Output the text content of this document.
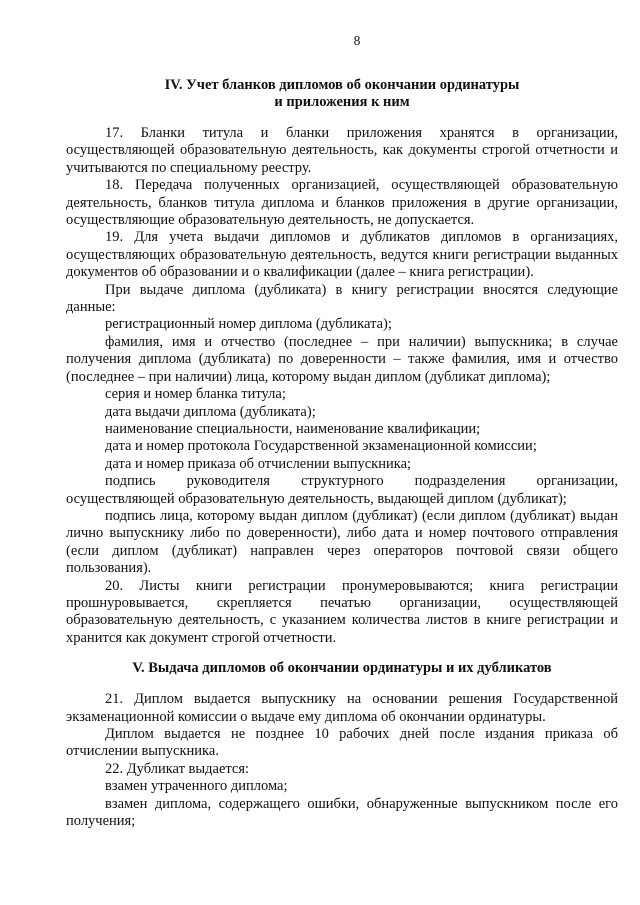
8

IV. Учет бланков дипломов об окончании ординатуры

и приложения к ним

17. Бланки титула и бланки приложения хранятся в организации, осуществляющей образовательную деятельность, как документы строгой отчетности и учитываются по специальному реестру.

18. Передача полученных организацией, осуществляющей образовательную деятельность, бланков титула диплома и бланков приложения в другие организации, осуществляющие образовательную деятельность, не допускается.

19. Для учета выдачи дипломов и дубликатов дипломов в организациях, осуществляющих образовательную деятельность, ведутся книги регистрации выданных документов об образовании и о квалификации (далее – книга регистрации).

При выдаче диплома (дубликата) в книгу регистрации вносятся следующие данные:

регистрационный номер диплома (дубликата);

фамилия, имя и отчество (последнее – при наличии) выпускника; в случае получения диплома (дубликата) по доверенности – также фамилия, имя и отчество (последнее – при наличии) лица, которому выдан диплом (дубликат диплома);

серия и номер бланка титула;

дата выдачи диплома (дубликата);

наименование специальности, наименование квалификации;

дата и номер протокола Государственной экзаменационной комиссии;

дата и номер приказа об отчислении выпускника;

подпись руководителя структурного подразделения организации, осуществляющей образовательную деятельность, выдающей диплом (дубликат);

подпись лица, которому выдан диплом (дубликат) (если диплом (дубликат) выдан лично выпускнику либо по доверенности), либо дата и номер почтового отправления (если диплом (дубликат) направлен через операторов почтовой связи общего пользования).

20. Листы книги регистрации пронумеровываются; книга регистрации прошнуровывается, скрепляется печатью организации, осуществляющей образовательную деятельность, с указанием количества листов в книге регистрации и хранится как документ строгой отчетности.

V. Выдача дипломов об окончании ординатуры и их дубликатов

21. Диплом выдается выпускнику на основании решения Государственной экзаменационной комиссии о выдаче ему диплома об окончании ординатуры.

Диплом выдается не позднее 10 рабочих дней после издания приказа об отчислении выпускника.

22. Дубликат выдается:

взамен утраченного диплома;

взамен диплома, содержащего ошибки, обнаруженные выпускником после его получения;
